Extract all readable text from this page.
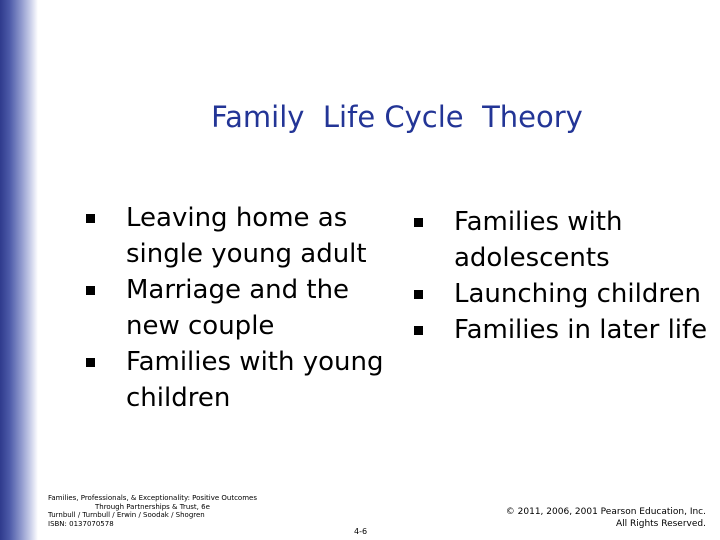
Family  Life Cycle  Theory
Leaving home as single young adult
Marriage and the new couple
Families with young children
Families with adolescents
Launching children
Families in later life
Families, Professionals, & Exceptionality: Positive Outcomes
Through Partnerships & Trust, 6e
Turnbull / Turnbull / Erwin / Soodak / Shogren
ISBN: 0137070578
4-6
© 2011, 2006, 2001 Pearson Education, Inc.
All Rights Reserved.
